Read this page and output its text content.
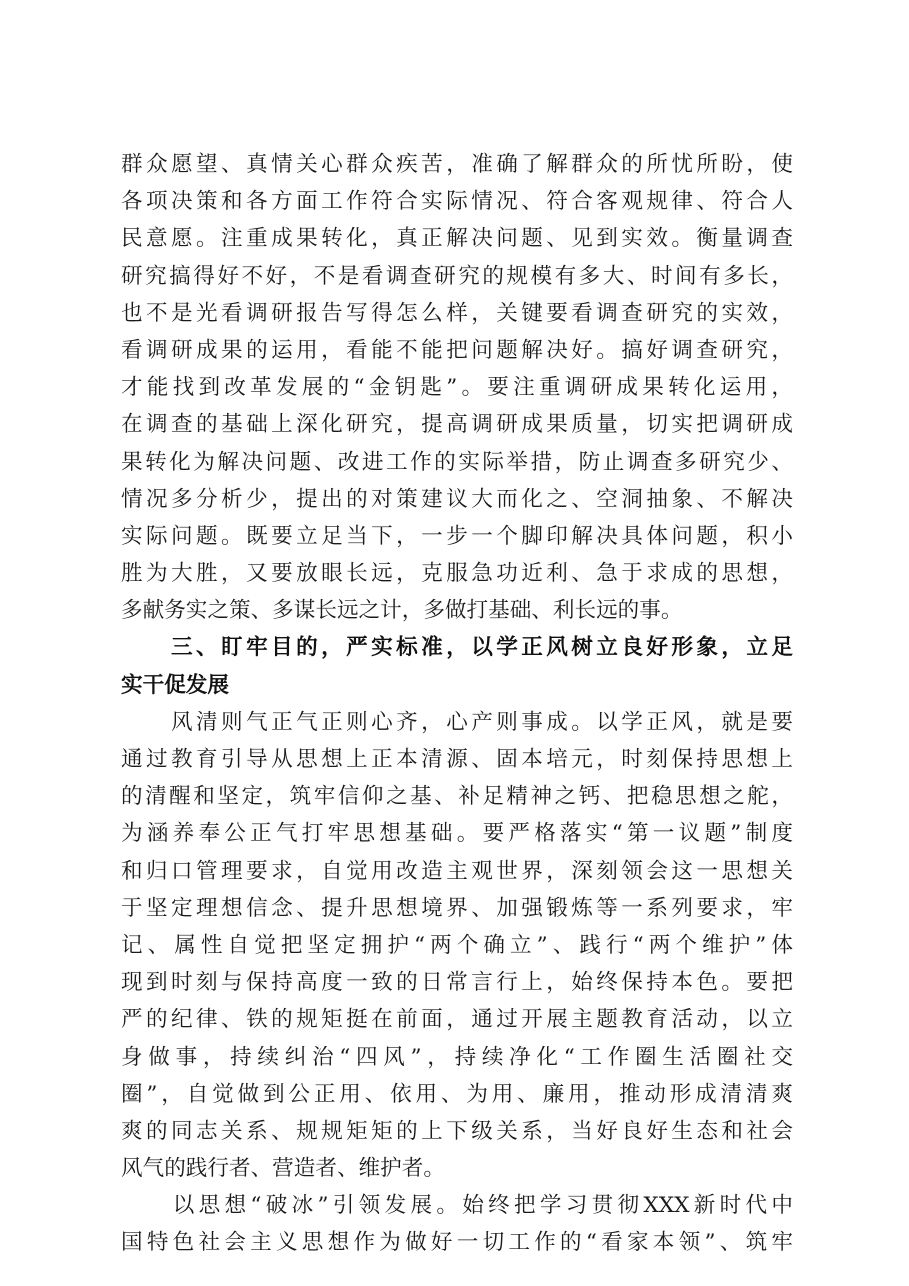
群众愿望、真情关心群众疾苦，准确了解群众的所忧所盼，使
各项决策和各方面工作符合实际情况、符合客观规律、符合人
民意愿。注重成果转化，真正解决问题、见到实效。衡量调查
研究搞得好不好，不是看调查研究的规模有多大、时间有多长，
也不是光看调研报告写得怎么样，关键要看调查研究的实效，
看调研成果的运用，看能不能把问题解决好。搞好调查研究，
才能找到改革发展的“金钥匙”。要注重调研成果转化运用，
在调查的基础上深化研究，提高调研成果质量，切实把调研成
果转化为解决问题、改进工作的实际举措，防止调查多研究少、
情况多分析少，提出的对策建议大而化之、空洞抽象、不解决
实际问题。既要立足当下，一步一个脚印解决具体问题，积小
胜为大胜，又要放眼长远，克服急功近利、急于求成的思想，
多献务实之策、多谋长远之计，多做打基础、利长远的事。
　　三、盯牢目的，严实标准，以学正风树立良好形象，立足
实干促发展
　　风清则气正气正则心齐，心产则事成。以学正风，就是要
通过教育引导从思想上正本清源、固本培元，时刻保持思想上
的清醒和坚定，筑牢信仰之基、补足精神之钙、把稳思想之舵，
为涵养奉公正气打牢思想基础。要严格落实“第一议题”制度
和归口管理要求，自觉用改造主观世界，深刻领会这一思想关
于坚定理想信念、提升思想境界、加强锻炼等一系列要求，牢
记、属性自觉把坚定拥护“两个确立”、践行“两个维护”体
现到时刻与保持高度一致的日常言行上，始终保持本色。要把
严的纪律、铁的规矩挺在前面，通过开展主题教育活动，以立
身做事，持续纠治“四风”，持续净化“工作圈生活圈社交
圈”，自觉做到公正用、依用、为用、廉用，推动形成清清爽
爽的同志关系、规规矩矩的上下级关系，当好良好生态和社会
风气的践行者、营造者、维护者。
　　以思想“破冰”引领发展。始终把学习贯彻XXX新时代中
国特色社会主义思想作为做好一切工作的“看家本领”、筑牢
